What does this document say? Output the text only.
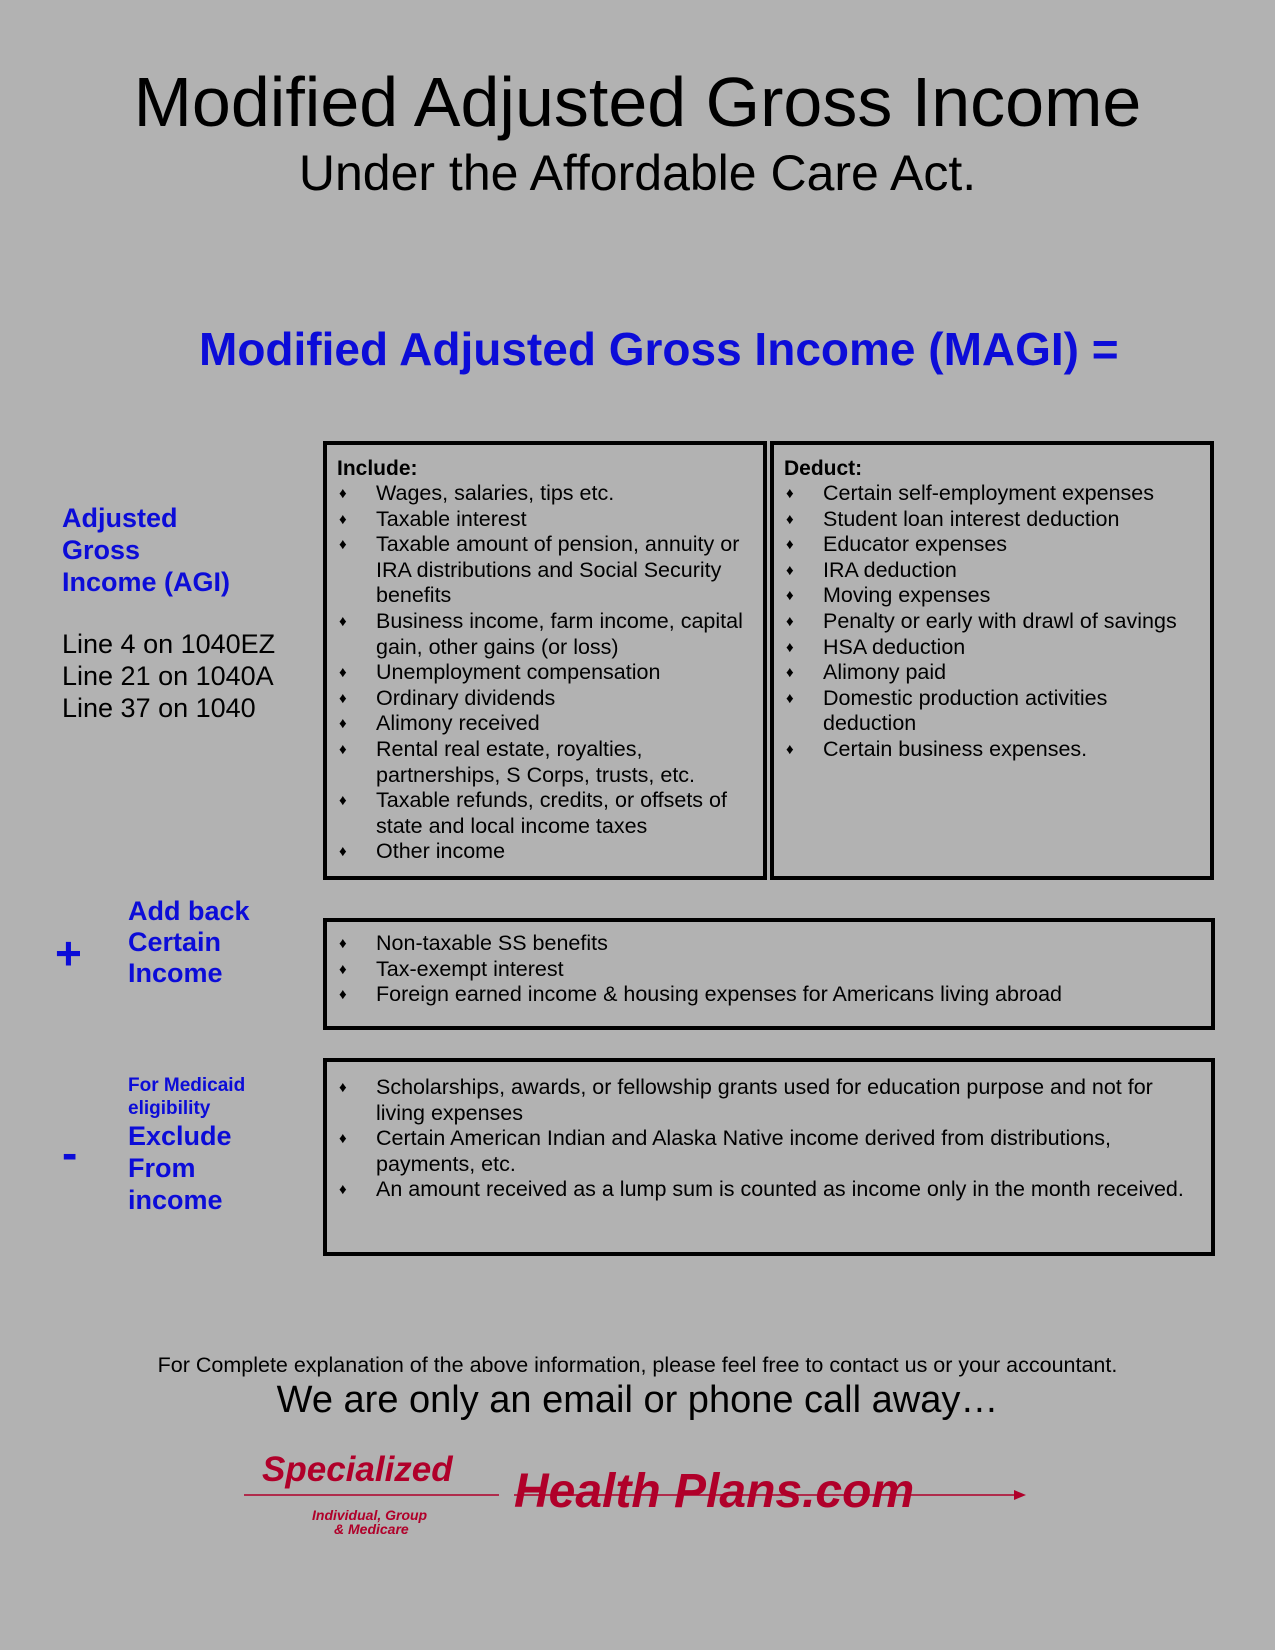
Modified Adjusted Gross Income
Under the Affordable Care Act.
Modified Adjusted Gross Income (MAGI) =
Adjusted
Gross
Income (AGI)
Line 4 on 1040EZ
Line 21 on 1040A
Line 37 on 1040
Include:
♦ Wages, salaries, tips etc.
♦ Taxable interest
♦ Taxable amount of pension, annuity or IRA distributions and Social Security benefits
♦ Business income, farm income, capital gain, other gains (or loss)
♦ Unemployment compensation
♦ Ordinary dividends
♦ Alimony received
♦ Rental real estate, royalties, partnerships, S Corps, trusts, etc.
♦ Taxable refunds, credits, or offsets of state and local income taxes
♦ Other income
Deduct:
♦ Certain self-employment expenses
♦ Student loan interest deduction
♦ Educator expenses
♦ IRA deduction
♦ Moving expenses
♦ Penalty or early with drawl of savings
♦ HSA deduction
♦ Alimony paid
♦ Domestic production activities deduction
♦ Certain business expenses.
+
Add back
Certain
Income
♦ Non-taxable SS benefits
♦ Tax-exempt interest
♦ Foreign earned income & housing expenses for Americans living abroad
-
For Medicaid
eligibility
Exclude
From
income
♦ Scholarships, awards, or fellowship grants used for education purpose and not for living expenses
♦ Certain American Indian and Alaska Native income derived from distributions, payments, etc.
♦ An amount received as a lump sum is counted as income only in the month received.
For Complete explanation of the above information, please feel free to contact us or your accountant.
We are only an email or phone call away…
Specialized Health Plans.com
Individual, Group
& Medicare
